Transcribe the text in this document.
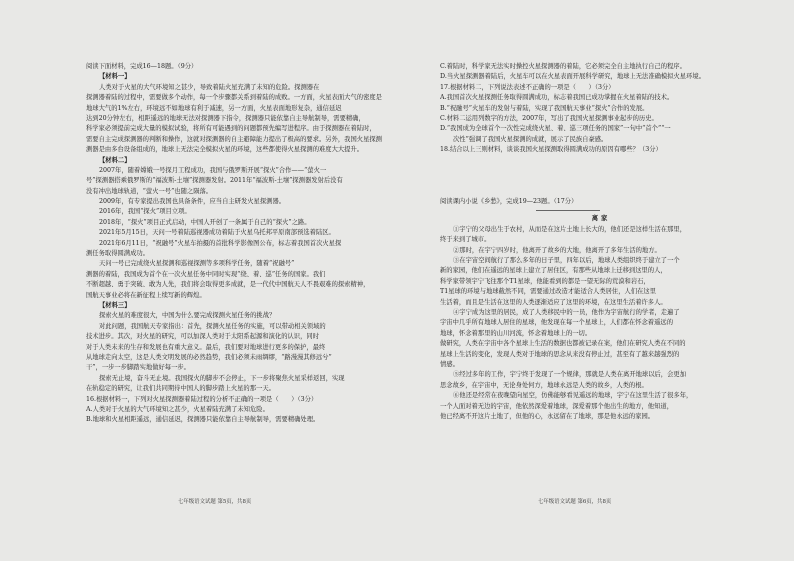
阅读下面材料，完成16—18题。（9分）
【材料一】
人类对于火星的大气环境知之甚少，导致着陆火星充满了未知的危险。探测器在
探测器着陆的过程中，需要做多个动作，每一个步骤都关系到着陆的成败。一方面，火星表面大气的密度是
地球大气的1%左右，环境远不如地球有利于减速，另一方面，火星表面地形复杂，通信延迟
达到20分钟左右，相距遥远的地球无法对探测器下指令，探测器只能依靠自主导航制导，需要精确，
科学家必须提前完成大量的模拟试验，将所有可能遇到的问题都预先编写进程序。由于探测器在着陆时，
需要自主完成探测器的判断和操作，这就对探测器的自主避障能力提出了极高的要求。另外，我国火星探测
测器是由多台设备组成的，地球上无法完全模拟火星的环境，这些都使得火星探测的难度大大提升。
【材料二】
2007年，随着嫦娥一号探月工程成功，我国与俄罗斯开展“探火”合作——“萤火一
号”探测器搭乘俄罗斯的“福波斯-土壤”探测器发射。2011年“福波斯-土壤”探测器发射后没有
没有冲出地球轨道，“萤火一号”也随之陨落。
2009年，有专家提出我国也具备条件，应当自主研发火星探测器。
2016年，我国“探火”项目立项。
2018年，“探火”项目正式启动，中国人开创了一条属于自己的“探火”之路。
2021年5月15日，天问一号着陆巡视器成功着陆于火星乌托邦平原南部预选着陆区。
2021年6月11日，“祝融号”火星车拍摄的首批科学影像图公布，标志着我国首次火星探
测任务取得圆满成功。
天问一号已完成绕火星探测和巡视探测等多项科学任务，随着“祝融号”
测器的着陆，我国成为首个在一次火星任务中同时实现“绕、着、巡”任务的国家。我们
不断超越、勇于突破、敢为人先，我们将会取得更多成就，是一代代中国航天人不畏艰难的探索精神，
国航天事业必将在新征程上续写新的辉煌。
【材料三】
探索火星的难度很大，中国为什么要完成探测火星任务的挑战？
对此问题，我国航天专家指出：首先，探测火星任务的实施，可以带动相关领域的
技术进步。其次，对火星的研究，可以加深人类对于太阳系起源和演化的认识，同时
对于人类未来的生存和发展也有重大意义。最后，我们要对地球进行更多的保护，最终
从地球走向太空，这是人类文明发展的必然趋势，我们必须未雨绸缪，“路漫漫其修远兮”
干”，一步一步脚踏实地做好每一步。
探索无止境，奋斗无止境。我国探火的脚步不会停止，下一步将聚焦火星采样返回，实现
在轨稳定的研究，让我们共同期待中国人的脚步踏上火星的那一天。
16.根据材料一，下列对火星探测器着陆过程的分析不正确的一项是（　　）（3分）
A.人类对于火星的大气环境知之甚少，火星着陆充满了未知危险。
B.地球和火星相距遥远，通信延迟，探测器只能依靠自主导航制导，需要精确处理。
七年级语文试题 第5页，共8页
C.着陆时，科学家无法实时操控火星探测器的着陆，它必须完全自主地执行自己的程序。
D.当火星探测器着陆后，火星车可以在火星表面开展科学研究，地球上无法准确模拟火星环境。
17.根据材料二，下列说法表述不正确的一项是（　　）（3分）
A.我国首次火星探测任务取得圆满成功，标志着我国已成功掌握在火星着陆的技术。
B.“祝融号”火星车的发射与着陆，实现了我国航天事业“探火”合作的发展。
C.材料二运用列数字的方法，2007年，写出了我国火星探测事业起步的历史。
D.“我国成为全球首个一次性完成绕火星、着、巡三项任务的国家”一句中“首个”“一
次性”强调了我国火星探测的成就，展示了民族自豪感。
18.结合以上三则材料，谈谈我国火星探测取得圆满成功的原因有哪些？（3分）
阅读课内小说《乡愁》，完成19—23题。（17分）
离家
①宇宁的父母出生于农村，从而是在这片土地上长大的，他们还是这样生活在那里，
终于来到了城市。
②那时，在宇宁四岁时，他离开了故乡的大地，他离开了多年生活的地方。
③在宇宙空间航行了那么多年的日子里，四年以后，地球人类组织终于建立了一个
新的家园，他们在遥远的星球上建立了居住区，有那些从地球上迁移到这里的人，
科学家带领宇宁飞往那个T1星球，他能看到的都是一望无际的荒漠和岩石，
T1星球的环境与地球截然不同，需要通过改造才能适合人类居住，人们在这里
生活着，而且是生活在这里的人类逐渐适应了这里的环境，在这里生活着许多人。
④宇宁成为这里的居民，成了人类移民中的一员，他作为宇宙航行的学者，走遍了
宇宙中几乎所有地球人居住的星球，他发现在每一个星球上，人们都在怀念着遥远的
地球，怀念着那里的山川河流，怀念着地球上的一切。
做研究，人类在宇宙中各个星球上生活的数据也都被记录在案，他们在研究人类在不同的
星球上生活的变化，发现人类对于地球的思念从来没有停止过，甚至有了越来越强烈的
情感。
⑤经过多年的工作，宇宁终于发现了一个规律，那就是人类在离开地球以后，会更加
思念故乡，在宇宙中，无论身处何方，地球永远是人类的故乡，人类的根。
⑥他还是经常在夜晚望向星空，仿佛能够看见遥远的地球，宇宁在这里生活了很多年，
一个人面对着无边的宇宙，他依然深爱着地球，深爱着那个他出生的地方，他知道，
他已经离不开这片土地了，但他的心，永远留在了地球，那是他永远的家园。
七年级语文试题 第6页，共8页
